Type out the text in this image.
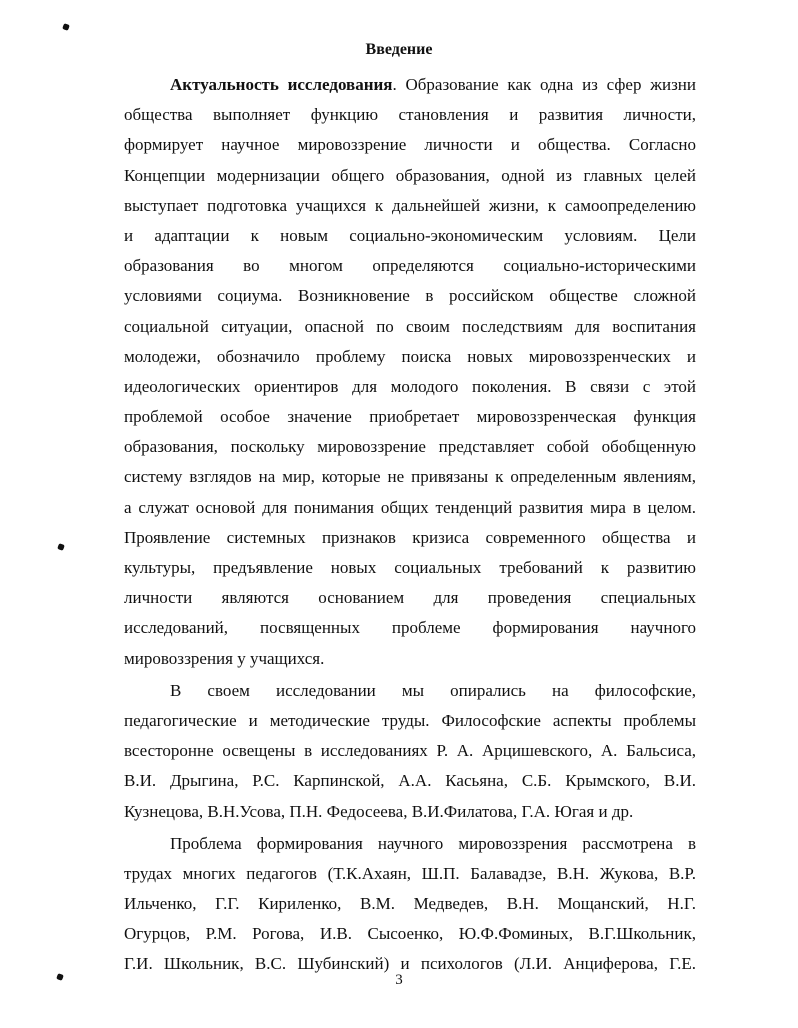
Введение
Актуальность исследования. Образование как одна из сфер жизни
общества выполняет функцию становления и развития личности,
формирует научное мировоззрение личности и общества. Согласно
Концепции модернизации общего образования, одной из главных целей
выступает подготовка учащихся к дальнейшей жизни, к самоопределению
и адаптации к новым социально-экономическим условиям. Цели
образования во многом определяются социально-историческими
условиями социума. Возникновение в российском обществе сложной
социальной ситуации, опасной по своим последствиям для воспитания
молодежи, обозначило проблему поиска новых мировоззренческих и
идеологических ориентиров для молодого поколения. В связи с этой
проблемой особое значение приобретает мировоззренческая функция
образования, поскольку мировоззрение представляет собой обобщенную
систему взглядов на мир, которые не привязаны к определенным явлениям,
а служат основой для понимания общих тенденций развития мира в целом.
Проявление системных признаков кризиса современного общества и
культуры, предъявление новых социальных требований к развитию
личности являются основанием для проведения специальных
исследований, посвященных проблеме формирования научного
мировоззрения у учащихся.
В своем исследовании мы опирались на философские,
педагогические и методические труды. Философские аспекты проблемы
всесторонне освещены в исследованиях Р. А. Арцишевского, А. Бальсиса,
В.И. Дрыгина, Р.С. Карпинской, А.А. Касьяна, С.Б. Крымского, В.И.
Кузнецова, В.Н.Усова, П.Н. Федосеева, В.И.Филатова, Г.А. Югая и др.
Проблема формирования научного мировоззрения рассмотрена в
трудах многих педагогов (Т.К.Ахаян, Ш.П. Балавадзе, В.Н. Жукова, В.Р.
Ильченко, Г.Г. Кириленко, В.М. Медведев, В.Н. Мощанский, Н.Г.
Огурцов, Р.М. Рогова, И.В. Сысоенко, Ю.Ф.Фоминых, В.Г.Школьник,
Г.И. Школьник, В.С. Шубинский) и психологов (Л.И. Анциферова, Г.Е.
3
